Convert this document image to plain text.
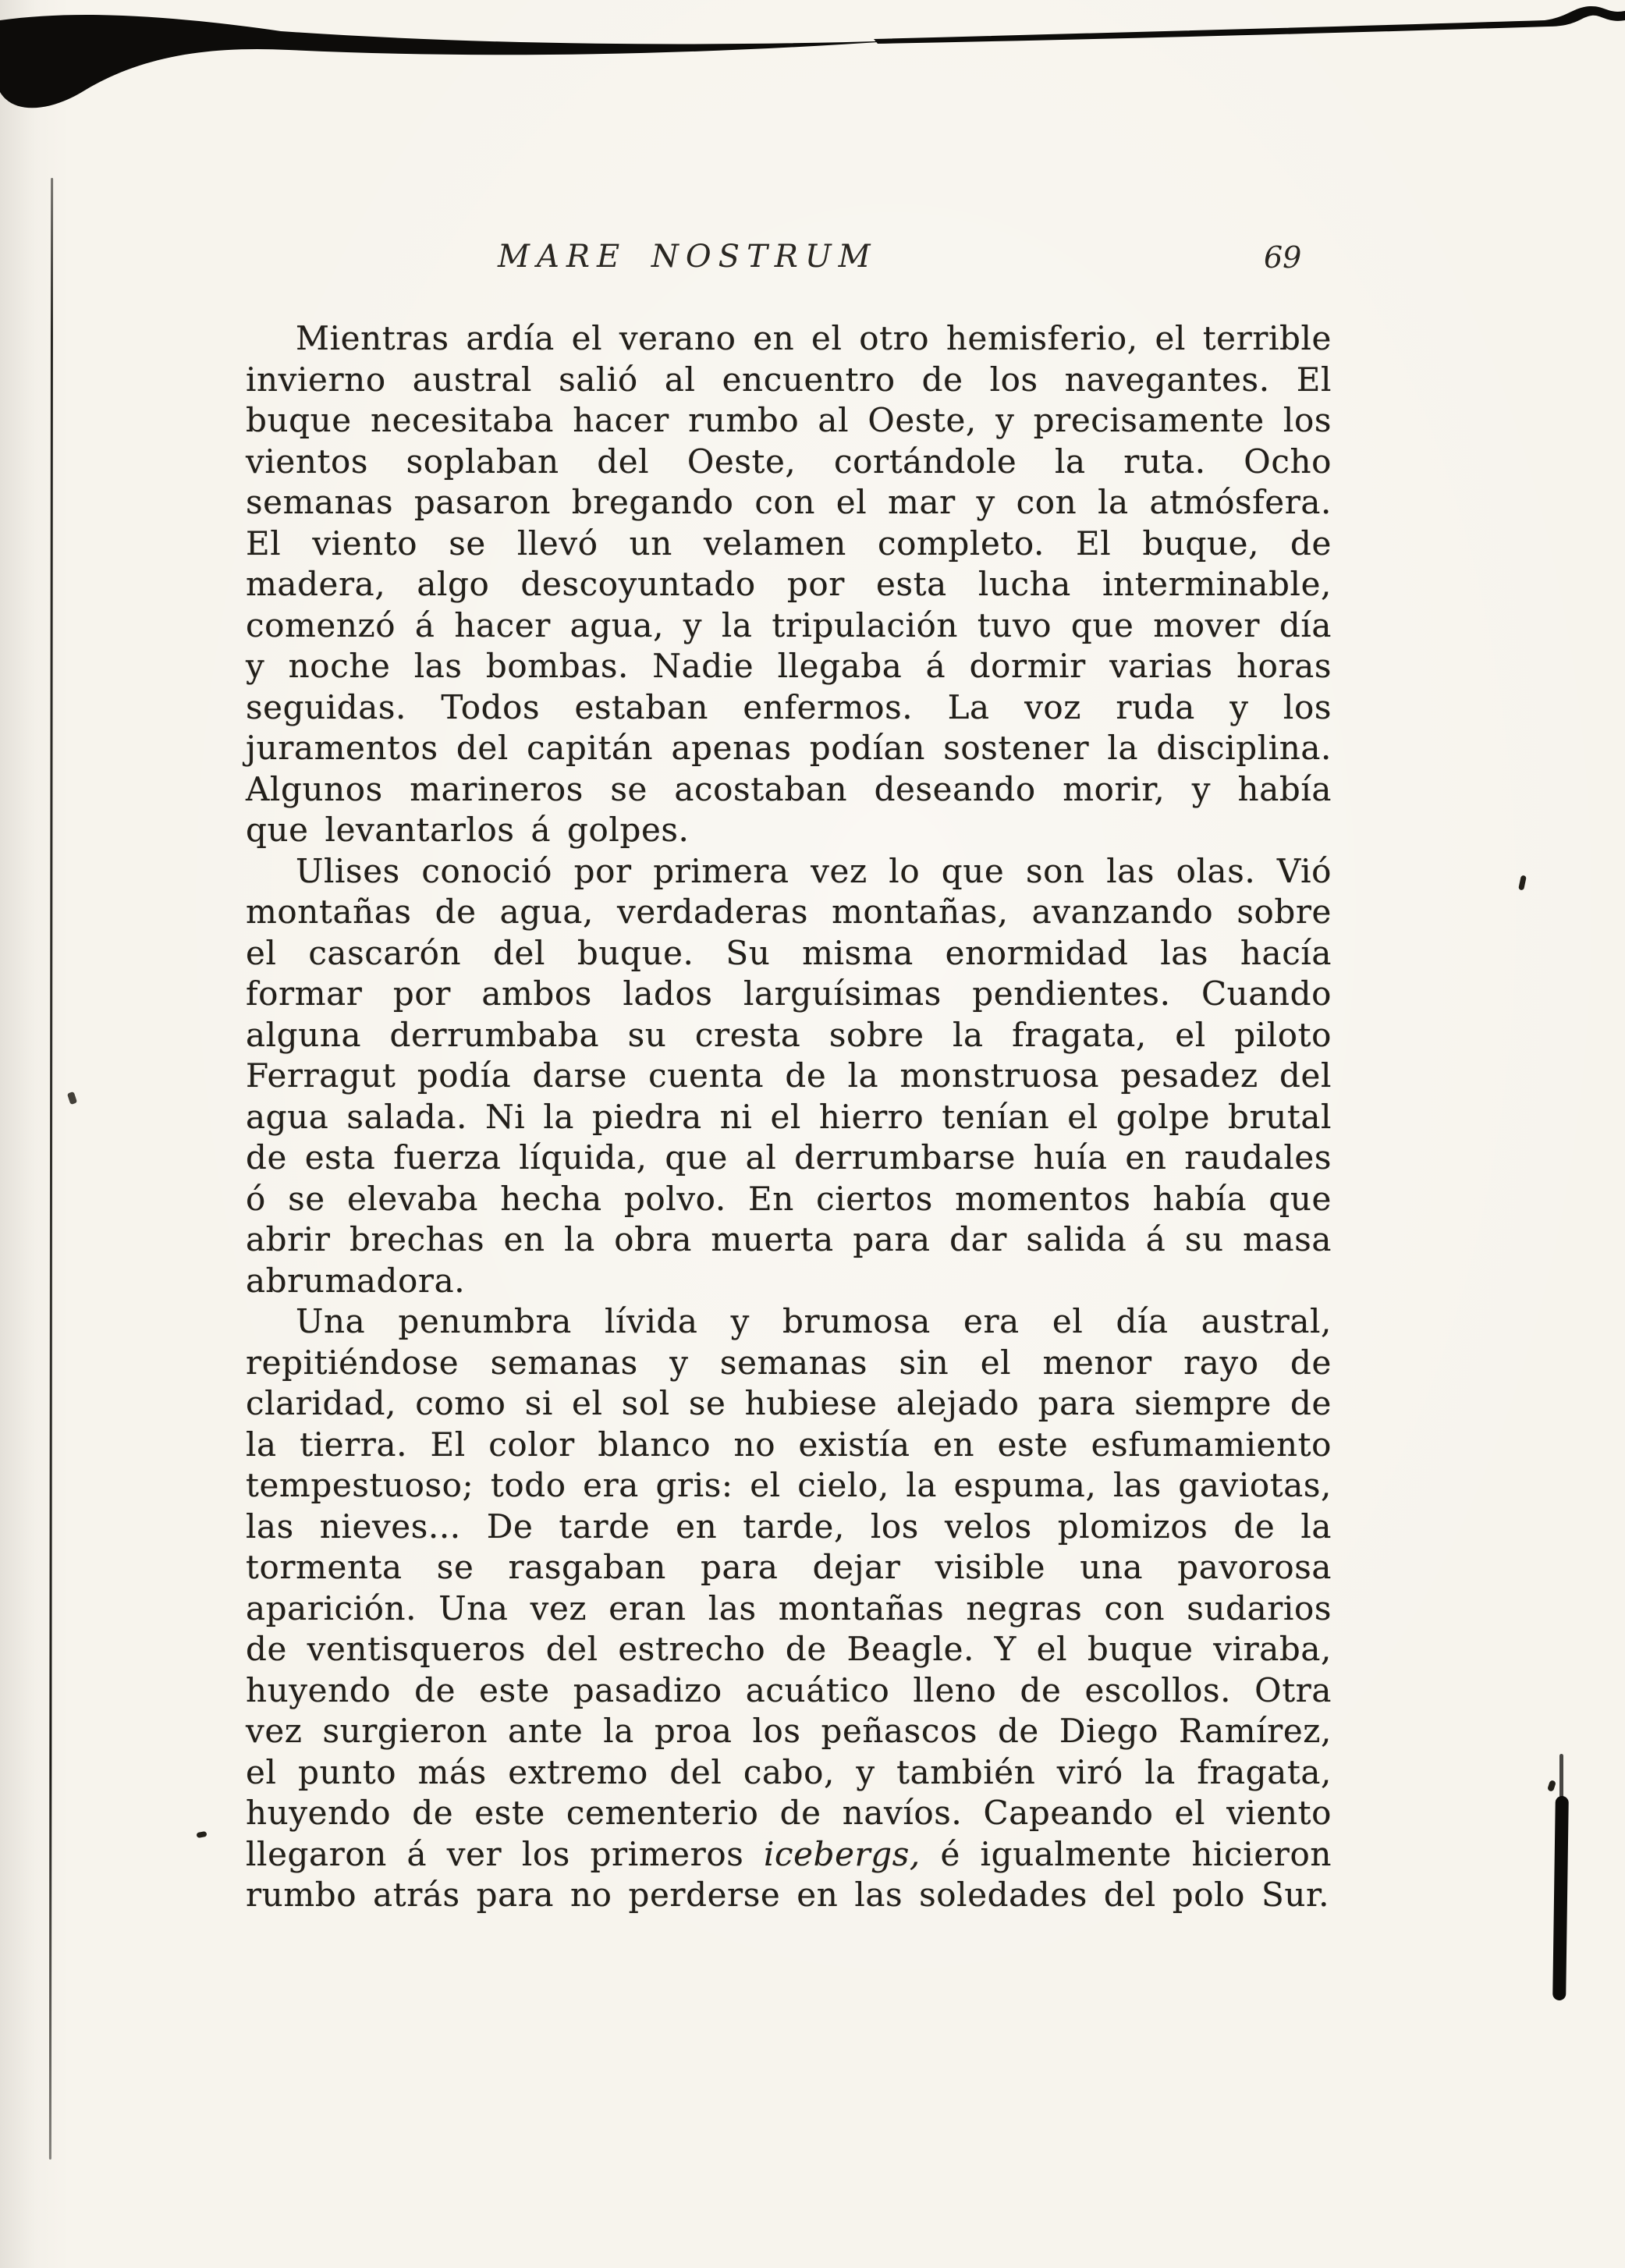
MARE NOSTRUM	69

Mientras ardía el verano en el otro hemisferio, el terrible invierno austral salió al encuentro de los navegantes. El buque necesitaba hacer rumbo al Oeste, y precisamente los vientos soplaban del Oeste, cortándole la ruta. Ocho semanas pasaron bregando con el mar y con la atmósfera. El viento se llevó un velamen completo. El buque, de madera, algo descoyuntado por esta lucha interminable, comenzó á hacer agua, y la tripulación tuvo que mover día y noche las bombas. Nadie llegaba á dormir varias horas seguidas. Todos estaban enfermos. La voz ruda y los juramentos del capitán apenas podían sostener la disciplina. Algunos marineros se acostaban deseando morir, y había que levantarlos á golpes.

Ulises conoció por primera vez lo que son las olas. Vió montañas de agua, verdaderas montañas, avanzando sobre el cascarón del buque. Su misma enormidad las hacía formar por ambos lados larguísimas pendientes. Cuando alguna derrumbaba su cresta sobre la fragata, el piloto Ferragut podía darse cuenta de la monstruosa pesadez del agua salada. Ni la piedra ni el hierro tenían el golpe brutal de esta fuerza líquida, que al derrumbarse huía en raudales ó se elevaba hecha polvo. En ciertos momentos había que abrir brechas en la obra muerta para dar salida á su masa abrumadora.

Una penumbra lívida y brumosa era el día austral, repitiéndose semanas y semanas sin el menor rayo de claridad, como si el sol se hubiese alejado para siempre de la tierra. El color blanco no existía en este esfumamiento tempestuoso; todo era gris: el cielo, la espuma, las gaviotas, las nieves... De tarde en tarde, los velos plomizos de la tormenta se rasgaban para dejar visible una pavorosa aparición. Una vez eran las montañas negras con sudarios de ventisqueros del estrecho de Beagle. Y el buque viraba, huyendo de este pasadizo acuático lleno de escollos. Otra vez surgieron ante la proa los peñascos de Diego Ramírez, el punto más extremo del cabo, y también viró la fragata, huyendo de este cementerio de navíos. Capeando el viento llegaron á ver los primeros icebergs, é igualmente hicieron rumbo atrás para no perderse en las soledades del polo Sur.
